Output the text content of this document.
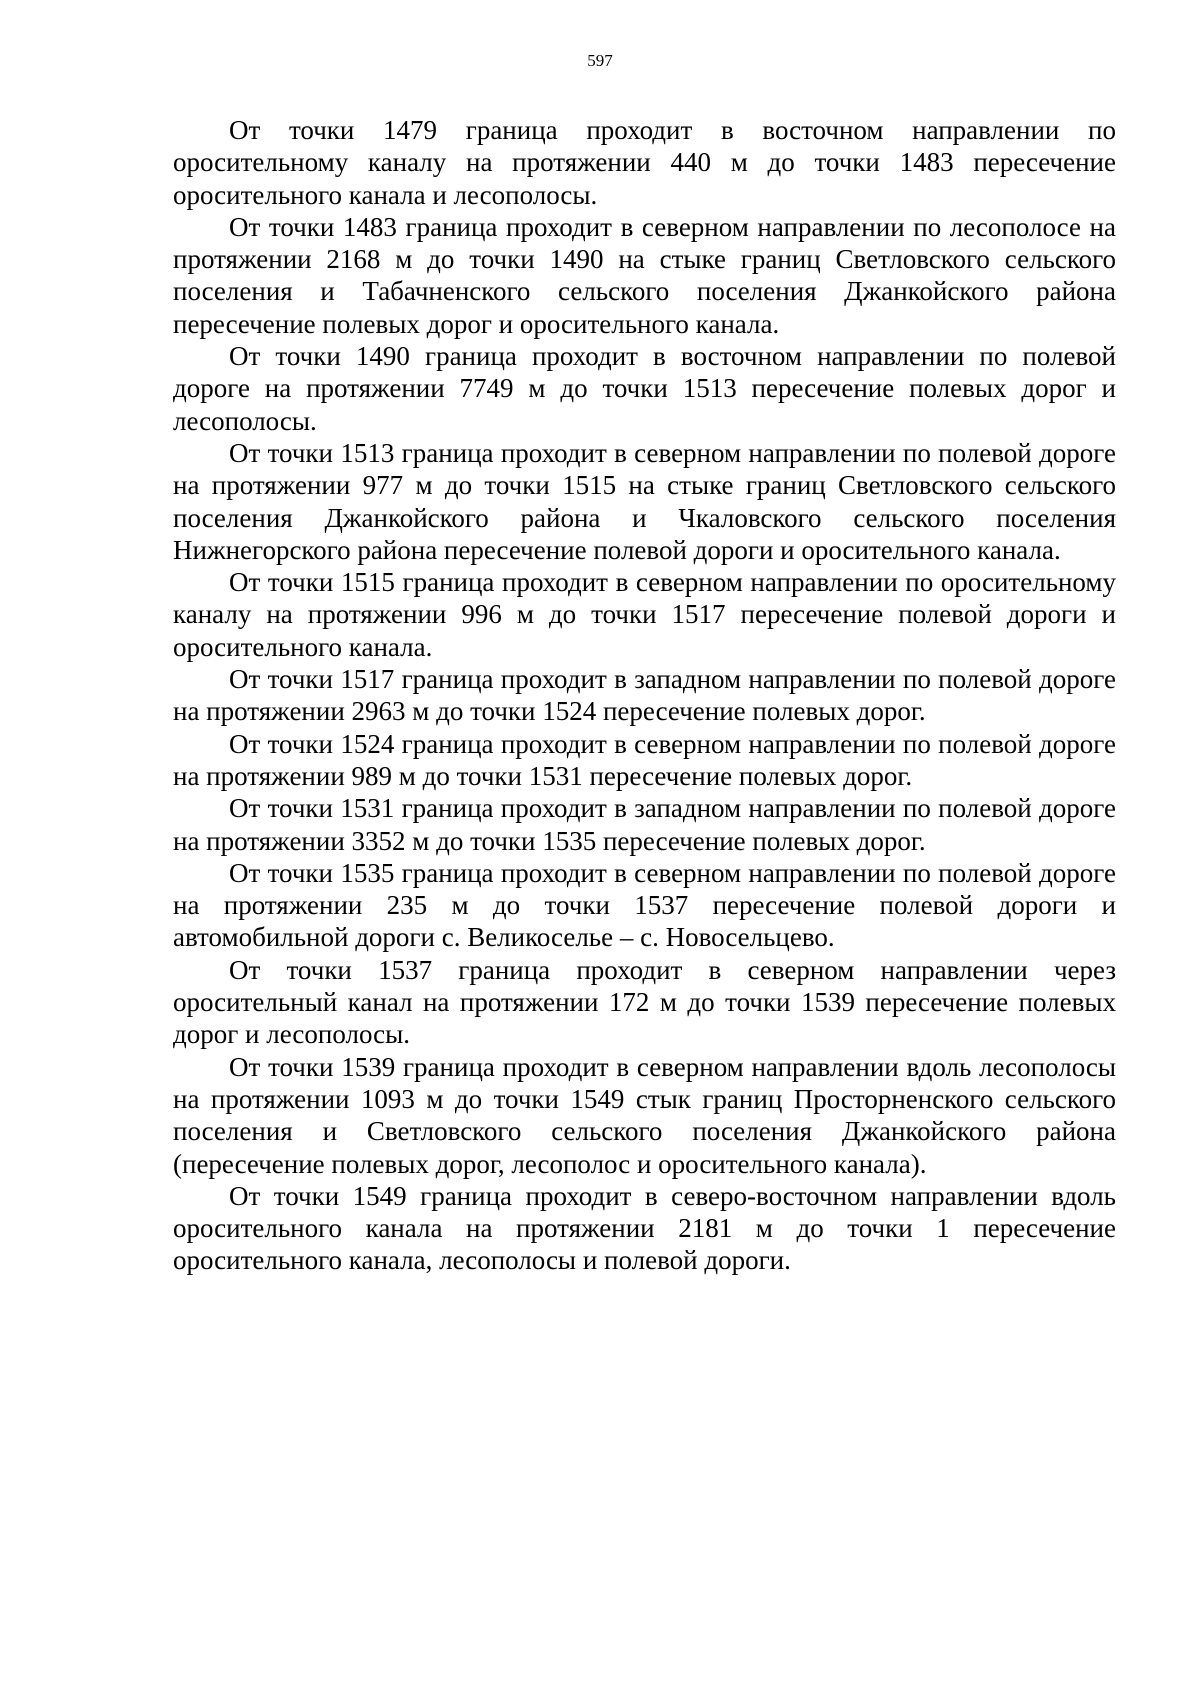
597

От точки 1479 граница проходит в восточном направлении по оросительному каналу на протяжении 440 м до точки 1483 пересечение оросительного канала и лесополосы.

От точки 1483 граница проходит в северном направлении по лесополосе на протяжении 2168 м до точки 1490 на стыке границ Светловского сельского поселения и Табачненского сельского поселения Джанкойского района пересечение полевых дорог и оросительного канала.

От точки 1490 граница проходит в восточном направлении по полевой дороге на протяжении 7749 м до точки 1513 пересечение полевых дорог и лесополосы.

От точки 1513 граница проходит в северном направлении по полевой дороге на протяжении 977 м до точки 1515 на стыке границ Светловского сельского поселения Джанкойского района и Чкаловского сельского поселения Нижнегорского района пересечение полевой дороги и оросительного канала.

От точки 1515 граница проходит в северном направлении по оросительному каналу на протяжении 996 м до точки 1517 пересечение полевой дороги и оросительного канала.

От точки 1517 граница проходит в западном направлении по полевой дороге на протяжении 2963 м до точки 1524 пересечение полевых дорог.

От точки 1524 граница проходит в северном направлении по полевой дороге на протяжении 989 м до точки 1531 пересечение полевых дорог.

От точки 1531 граница проходит в западном направлении по полевой дороге на протяжении 3352 м до точки 1535 пересечение полевых дорог.

От точки 1535 граница проходит в северном направлении по полевой дороге на протяжении 235 м до точки 1537 пересечение полевой дороги и автомобильной дороги с. Великоселье – с. Новосельцево.

От точки 1537 граница проходит в северном направлении через оросительный канал на протяжении 172 м до точки 1539 пересечение полевых дорог и лесополосы.

От точки 1539 граница проходит в северном направлении вдоль лесополосы на протяжении 1093 м до точки 1549 стык границ Просторненского сельского поселения и Светловского сельского поселения Джанкойского района (пересечение полевых дорог, лесополос и оросительного канала).

От точки 1549 граница проходит в северо-восточном направлении вдоль оросительного канала на протяжении 2181 м до точки 1 пересечение оросительного канала, лесополосы и полевой дороги.
